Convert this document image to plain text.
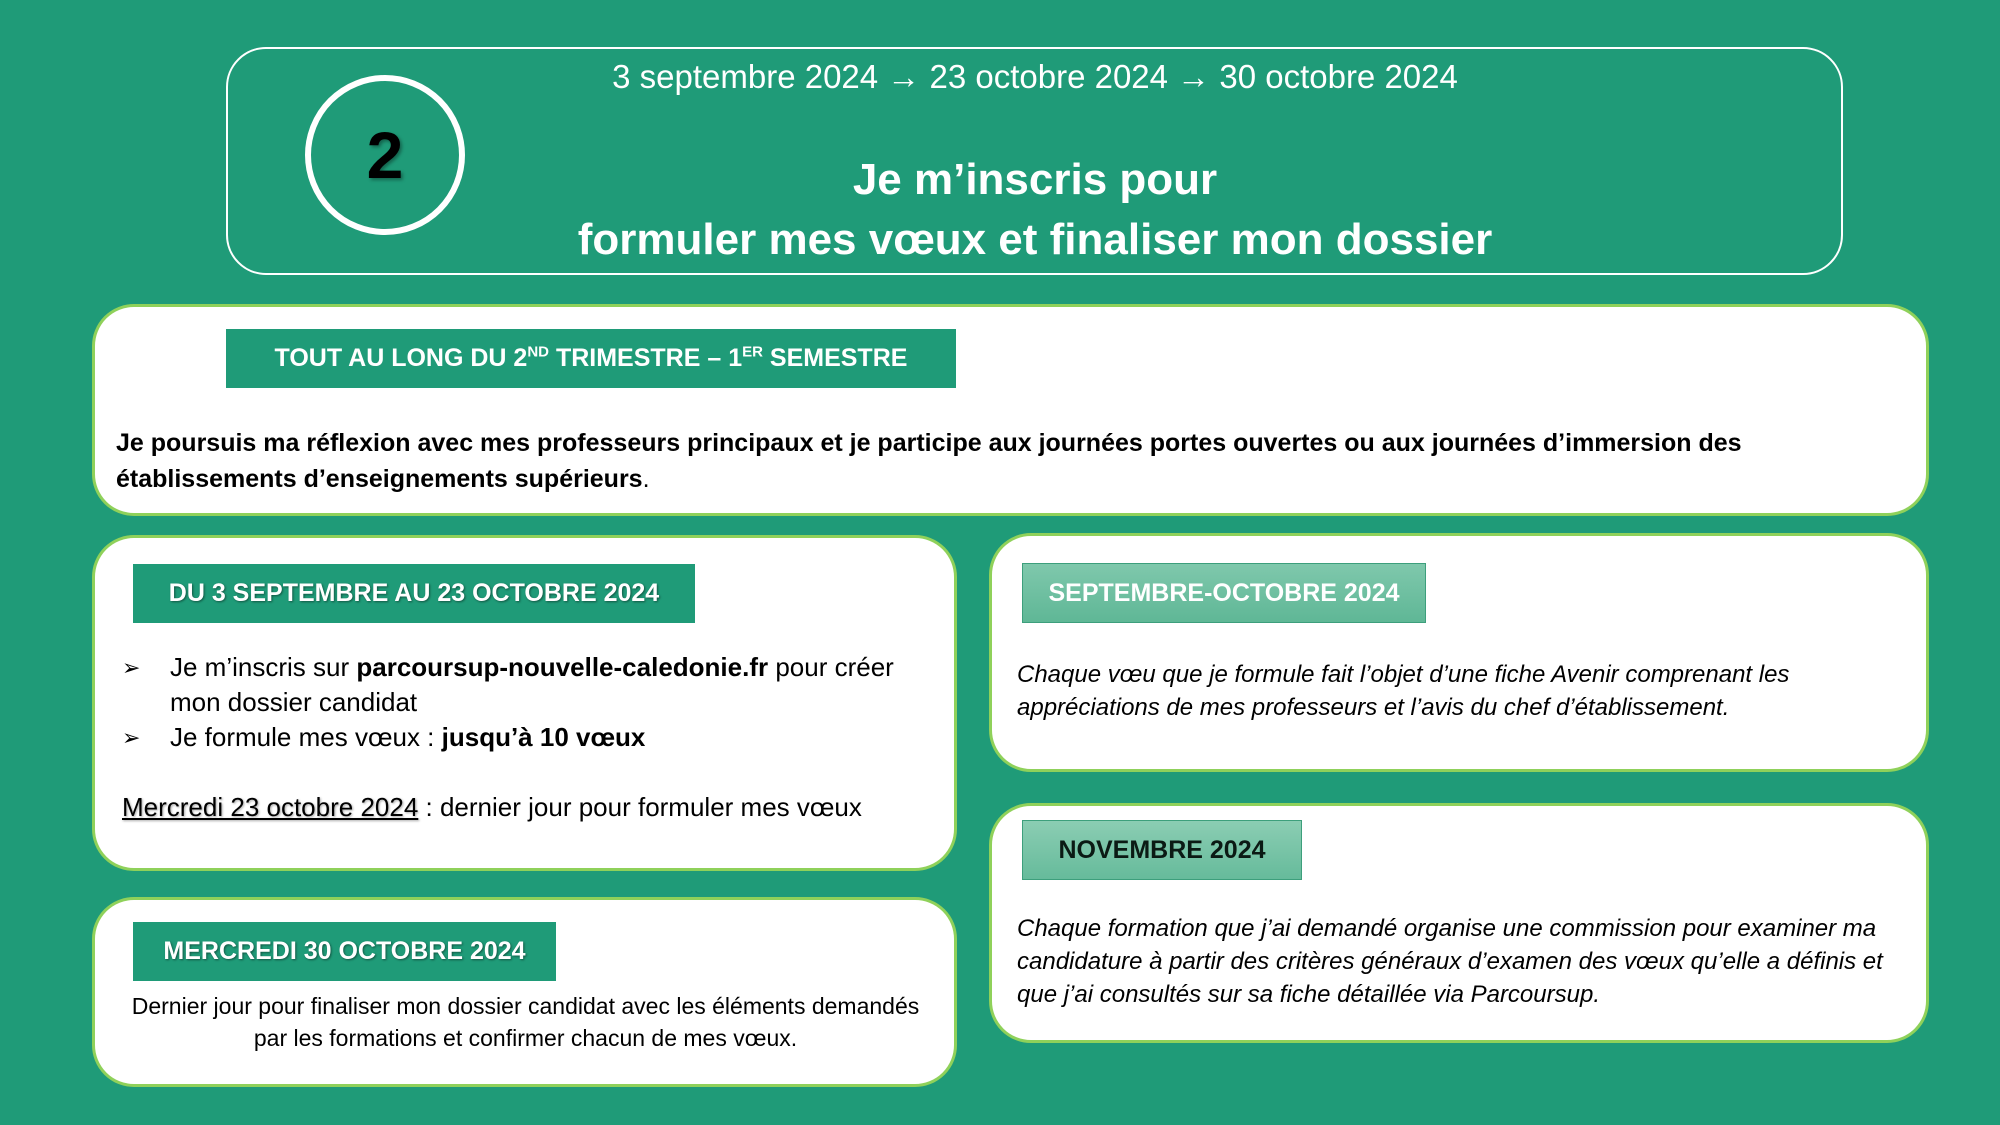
2
3 septembre 2024 → 23 octobre 2024 → 30 octobre 2024
Je m’inscris pour
formuler mes vœux et finaliser mon dossier
TOUT AU LONG DU 2ND TRIMESTRE – 1ER SEMESTRE
Je poursuis ma réflexion avec mes professeurs principaux et je participe aux journées portes ouvertes ou aux journées d’immersion des établissements d’enseignements supérieurs.
DU 3 SEPTEMBRE AU 23 OCTOBRE 2024
➢	Je m’inscris sur parcoursup-nouvelle-caledonie.fr pour créer mon dossier candidat
➢	Je formule mes vœux : jusqu’à 10 vœux
Mercredi 23 octobre 2024 : dernier jour pour formuler mes vœux
MERCREDI 30 OCTOBRE 2024
Dernier jour pour finaliser mon dossier candidat avec les éléments demandés par les formations et confirmer chacun de mes vœux.
SEPTEMBRE-OCTOBRE 2024
Chaque vœu que je formule fait l’objet d’une fiche Avenir comprenant les appréciations de mes professeurs et l’avis du chef d’établissement.
NOVEMBRE 2024
Chaque formation que j’ai demandé organise une commission pour examiner ma candidature à partir des critères généraux d’examen des vœux qu’elle a définis et que j’ai consultés sur sa fiche détaillée via Parcoursup.
